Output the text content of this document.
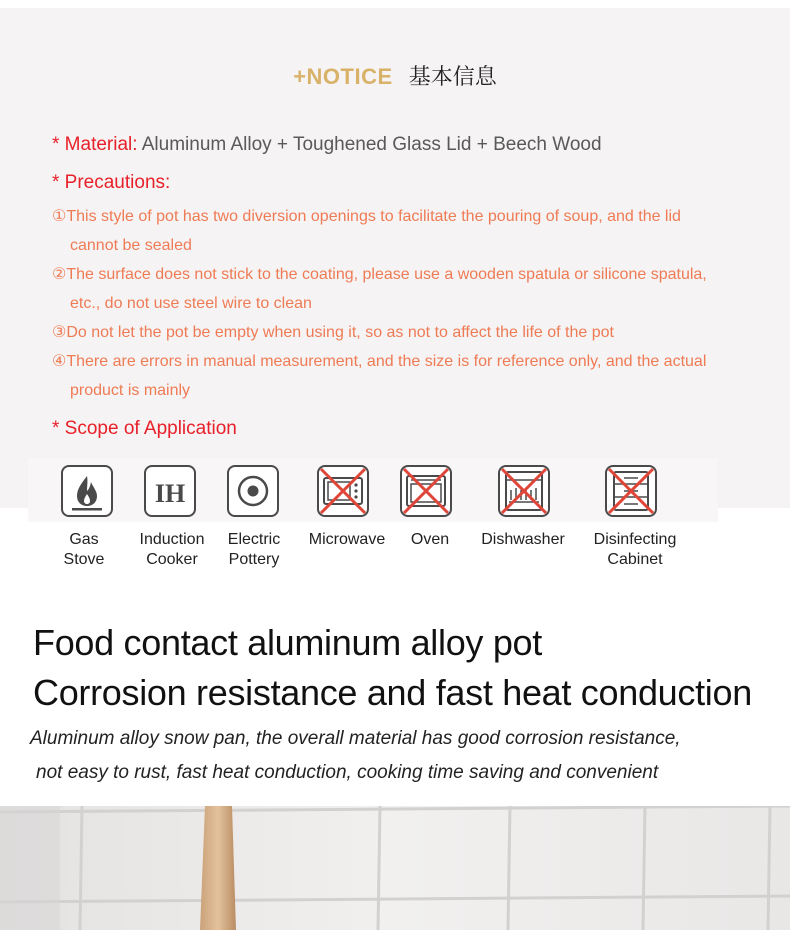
+NOTICE 基本信息
* Material: Aluminum Alloy + Toughened Glass Lid + Beech Wood
* Precautions:
①This style of pot has two diversion openings to facilitate the pouring of soup, and the lid
cannot be sealed
②The surface does not stick to the coating, please use a wooden spatula or silicone spatula,
etc., do not use steel wire to clean
③Do not let the pot be empty when using it, so as not to affect the life of the pot
④There are errors in manual measurement, and the size is for reference only, and the actual
product is mainly
* Scope of Application
IH
Gas
Stove
Induction
Cooker
Electric
Pottery
Microwave	Oven	Dishwasher	Disinfecting
Cabinet
Food contact aluminum alloy pot
Corrosion resistance and fast heat conduction
Aluminum alloy snow pan, the overall material has good corrosion resistance,
not easy to rust, fast heat conduction, cooking time saving and convenient
